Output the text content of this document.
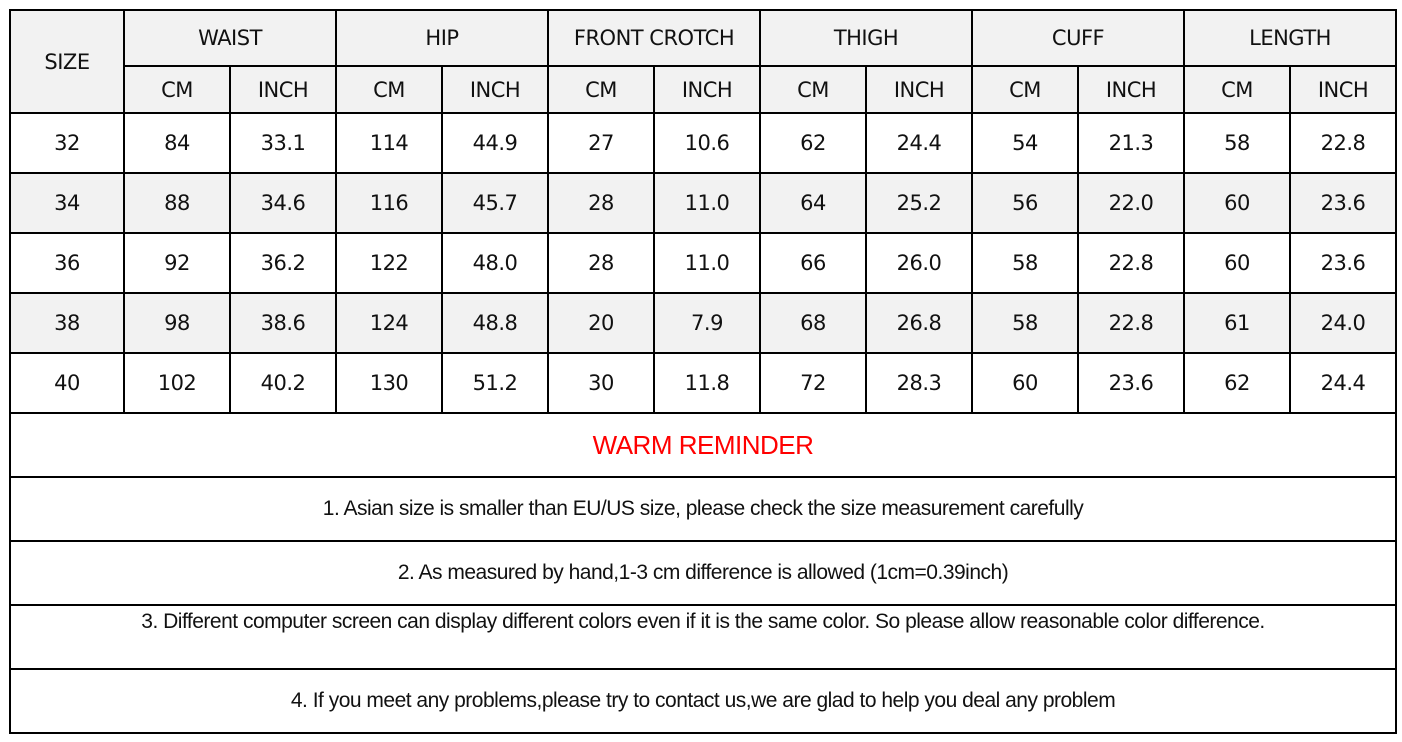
SIZE	WAIST		HIP		FRONT CROTCH		THIGH		CUFF		LENGTH	
	CM	INCH	CM	INCH	CM	INCH	CM	INCH	CM	INCH	CM	INCH
32	84	33.1	114	44.9	27	10.6	62	24.4	54	21.3	58	22.8
34	88	34.6	116	45.7	28	11.0	64	25.2	56	22.0	60	23.6
36	92	36.2	122	48.0	28	11.0	66	26.0	58	22.8	60	23.6
38	98	38.6	124	48.8	20	7.9	68	26.8	58	22.8	61	24.0
40	102	40.2	130	51.2	30	11.8	72	28.3	60	23.6	62	24.4
WARM REMINDER												
1. Asian size is smaller than EU/US size, please check the size measurement carefully												
2. As measured by hand,1-3 cm difference is allowed (1cm=0.39inch)												
3. Different computer screen can display different colors even if it is the same color. So please allow reasonable color difference.												
4. If you meet any problems,please try to contact us,we are glad to help you deal any problem												
